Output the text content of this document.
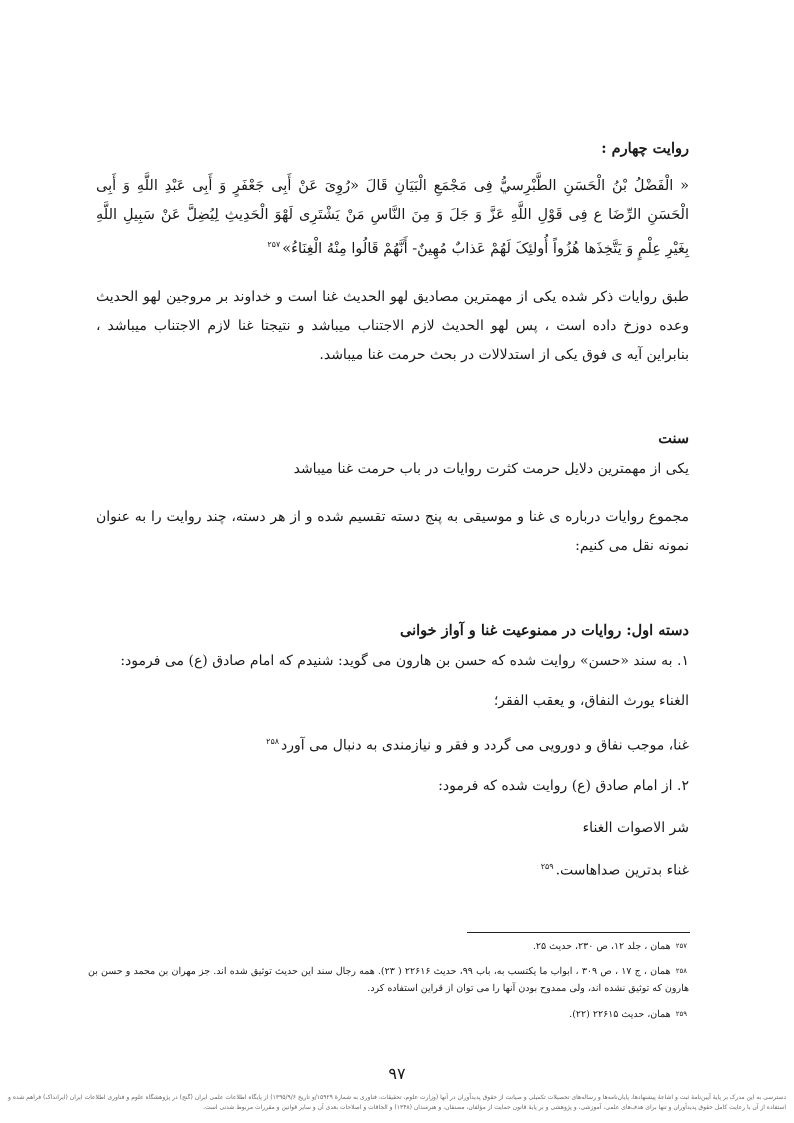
روایت چهارم :
« الْفَضْلُ بْنُ الْحَسَنِ الطَّبْرِسيُّ فِی مَجْمَعِ الْبَیَانِ قَالَ «رُوِیَ عَنْ أَبِی جَعْفَرٍ وَ أَبِی عَبْدِ اللَّهِ وَ أَبِی الْحَسَنِ الرِّضَا ع فِی قَوْلِ اللَّهِ عَزَّ وَ جَلَ وَ مِنَ النَّاسِ مَنْ یَشْتَرِی لَهْوَ الْحَدِیثِ لِیُضِلَّ عَنْ سَبِیلِ اللَّهِ بِغَیْرِ عِلْمٍ وَ یَتَّخِذَها هُزُواً أُولئِکَ لَهُمْ عَذابٌ مُهِینٌ- أَنَّهُمْ قَالُوا مِنْهُ الْغِنَاءُ»$^{۲۵۷}$
طبق روایات ذکر شده یکی از مهمترین مصادیق لهو الحدیث غنا است و خداوند بر مروجین لهو الحدیث وعده دوزخ داده است ، پس لهو الحدیث لازم الاجتناب میباشد و نتیجتا غنا لازم الاجتناب میباشد ، بنابراین آیه ی فوق یکی از استدلالات در بحث حرمت غنا میباشد.
سنت
یکی از مهمترین دلایل حرمت کثرت روایات در باب حرمت غنا میباشد
مجموع روایات درباره ی غنا و موسیقی به پنج دسته تقسیم شده و از هر دسته، چند روایت را به عنوان نمونه نقل می کنیم:
دسته اول: روایات در ممنوعیت غنا و آواز خوانی
۱. به سند «حسن» روایت شده که حسن بن هارون می گوید: شنیدم که امام صادق (ع) می فرمود:
الغناء یورث النفاق، و یعقب الفقر؛
غنا، موجب نفاق و دورویی می گردد و فقر و نیازمندی به دنبال می آورد$^{۲۵۸}$
۲. از امام صادق (ع) روایت شده که فرمود:
شر الاصوات الغناء
غناء بدترین صداهاست.$^{۲۵۹}$
$^{۲۵۷}$ همان ، جلد ۱۲، ص ۲۳۰، حدیث ۲۵.
$^{۲۵۸}$ همان ، ج ۱۷ ، ص ۳۰۹ ، ابواب ما یکتسب به، باب ۹۹، حدیث ۲۲۶۱۶ ( ۲۳). همه رجال سند این حدیث توثیق شده اند. جز مهران بن محمد و حسن بن هارون که توثیق نشده اند، ولی ممدوح بودن آنها را می توان از قراین استفاده کرد.
$^{۲۵۹}$ همان، حدیث ۲۲۶۱۵ (۲۲).
۹۷
دسترسی به این مدرک بر پایۀ آیین‌نامۀ ثبت و اشاعۀ پیشنهادها، پایان‌نامه‌ها و رساله‌های تحصیلات تکمیلی و صیانت از حقوق پدیدآوران در آنها (وزارت علوم، تحقیقات، فناوری به شمارۀ ۱۵۹۲۹/و تاریخ ۱۳۹۵/۹/۶) از پایگاه اطلاعات علمی ایران (گنج) در پژوهشگاه علوم و فناوری اطلاعات ایران (ایرانداک) فراهم شده و استفاده از آن با رعایت کامل حقوق پدیدآوران و تنها برای هدف‌های علمی، آموزشی، و پژوهشی و بر پایۀ قانون حمایت از مؤلفان، مصنفان، و هنرمندان (۱۳۴۸) و الحاقات و اصلاحات بعدی آن و سایر قوانین و مقررات مربوط شدنی است.
